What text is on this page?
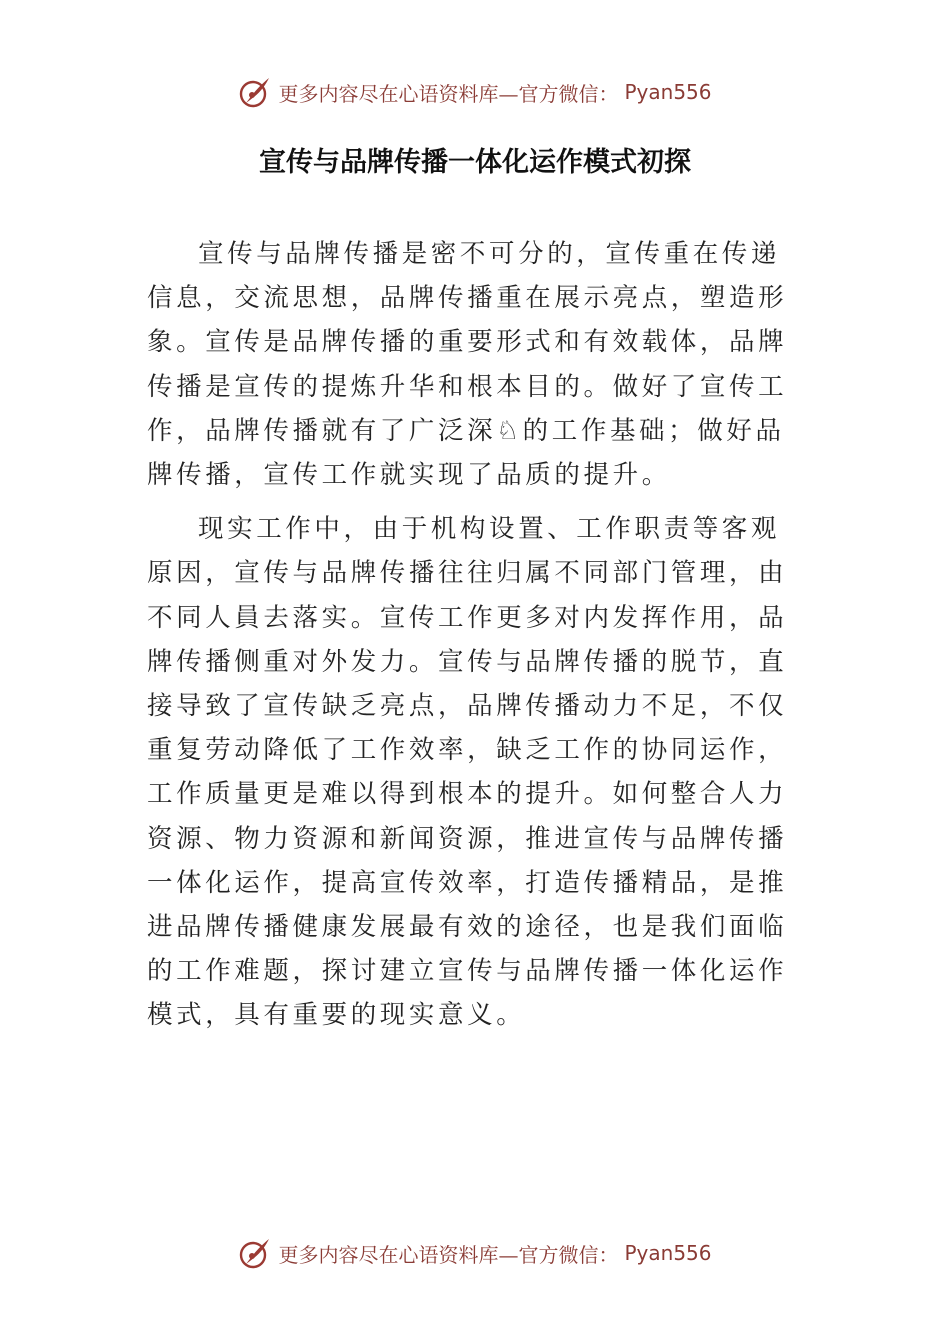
更多内容尽在心语资料库—官方微信： Pyan556
宣传与品牌传播一体化运作模式初探

宣传与品牌传播是密不可分的，宣传重在传递信息，交流思想，品牌传播重在展示亮点，塑造形象。宣传是品牌传播的重要形式和有效载体，品牌传播是宣传的提炼升华和根本目的。做好了宣传工作，品牌传播就有了广泛深♘的工作基础；做好品牌传播，宣传工作就实现了品质的提升。

现实工作中，由于机构设置、工作职责等客观原因，宣传与品牌传播往往归属不同部门管理，由不同人員去落实。宣传工作更多对内发挥作用，品牌传播侧重对外发力。宣传与品牌传播的脱节，直接导致了宣传缺乏亮点，品牌传播动力不足，不仅重复劳动降低了工作效率，缺乏工作的协同运作，工作质量更是难以得到根本的提升。如何整合人力资源、物力资源和新闻资源，推进宣传与品牌传播一体化运作，提高宣传效率，打造传播精品，是推进品牌传播健康发展最有效的途径，也是我们面临的工作难题，探讨建立宣传与品牌传播一体化运作模式，具有重要的现实意义。

更多内容尽在心语资料库—官方微信： Pyan556
